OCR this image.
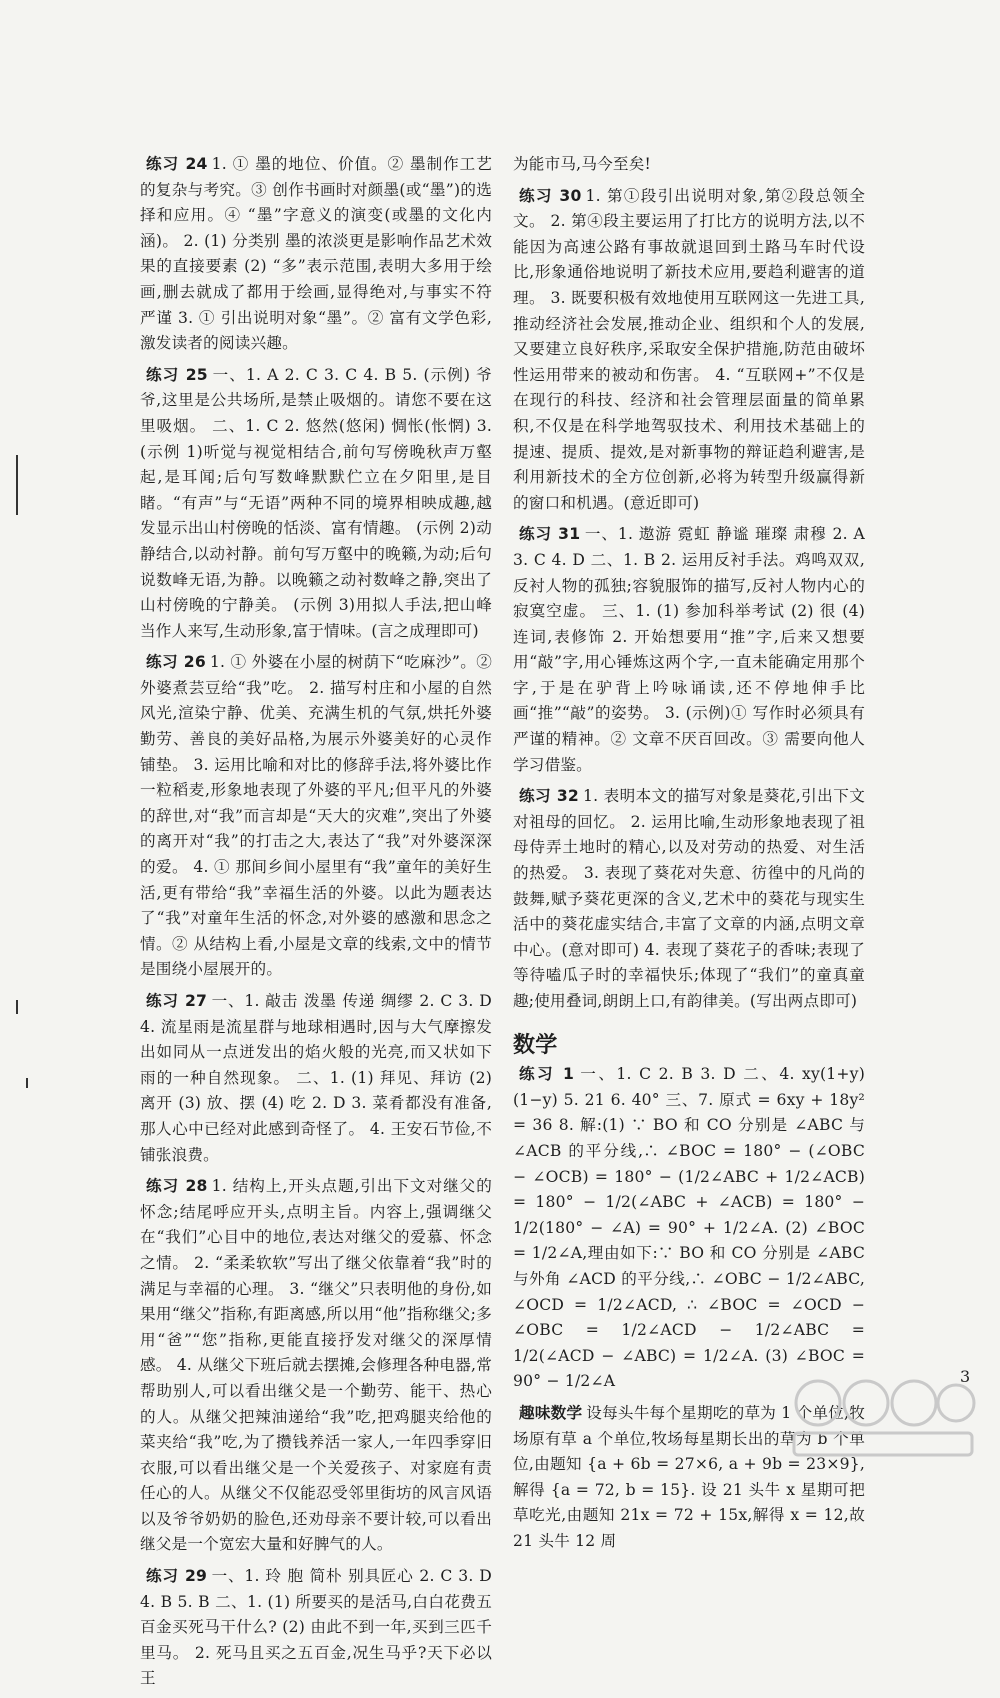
练习 24 1. ① 墨的地位、价值。② 墨制作工艺的复杂与考究。③ 创作书画时对颜墨(或“墨”)的选择和应用。④ “墨”字意义的演变(或墨的文化内涵)。 2. (1) 分类别 墨的浓淡更是影响作品艺术效果的直接要素 (2) “多”表示范围,表明大多用于绘画,删去就成了都用于绘画,显得绝对,与事实不符 严谨 3. ① 引出说明对象“墨”。② 富有文学色彩,激发读者的阅读兴趣。

练习 25 一、1. A 2. C 3. C 4. B 5. (示例) 爷爷,这里是公共场所,是禁止吸烟的。请您不要在这里吸烟。 二、1. C 2. 悠然(悠闲) 惆怅(怅惘) 3. (示例 1)听觉与视觉相结合,前句写傍晚秋声万壑起,是耳闻;后句写数峰默默伫立在夕阳里,是目睹。“有声”与“无语”两种不同的境界相映成趣,越发显示出山村傍晚的恬淡、富有情趣。 (示例 2)动静结合,以动衬静。前句写万壑中的晚籁,为动;后句说数峰无语,为静。以晚籁之动衬数峰之静,突出了山村傍晚的宁静美。 (示例 3)用拟人手法,把山峰当作人来写,生动形象,富于情味。(言之成理即可)

练习 26 1. ① 外婆在小屋的树荫下“吃麻沙”。② 外婆煮芸豆给“我”吃。 2. 描写村庄和小屋的自然风光,渲染宁静、优美、充满生机的气氛,烘托外婆勤劳、善良的美好品格,为展示外婆美好的心灵作铺垫。 3. 运用比喻和对比的修辞手法,将外婆比作一粒稻麦,形象地表现了外婆的平凡;但平凡的外婆的辞世,对“我”而言却是“天大的灾难”,突出了外婆的离开对“我”的打击之大,表达了“我”对外婆深深的爱。 4. ① 那间乡间小屋里有“我”童年的美好生活,更有带给“我”幸福生活的外婆。以此为题表达了“我”对童年生活的怀念,对外婆的感激和思念之情。② 从结构上看,小屋是文章的线索,文中的情节是围绕小屋展开的。

练习 27 一、1. 敲击 泼墨 传递 绸缪 2. C 3. D 4. 流星雨是流星群与地球相遇时,因与大气摩擦发出如同从一点迸发出的焰火般的光亮,而又状如下雨的一种自然现象。 二、1. (1) 拜见、拜访 (2) 离开 (3) 放、摆 (4) 吃 2. D 3. 菜肴都没有准备,那人心中已经对此感到奇怪了。 4. 王安石节俭,不铺张浪费。

练习 28 1. 结构上,开头点题,引出下文对继父的怀念;结尾呼应开头,点明主旨。内容上,强调继父在“我们”心目中的地位,表达对继父的爱慕、怀念之情。 2. “柔柔软软”写出了继父依靠着“我”时的满足与幸福的心理。 3. “继父”只表明他的身份,如果用“继父”指称,有距离感,所以用“他”指称继父;多用“爸”“您”指称,更能直接抒发对继父的深厚情感。 4. 从继父下班后就去摆摊,会修理各种电器,常帮助别人,可以看出继父是一个勤劳、能干、热心的人。从继父把辣油递给“我”吃,把鸡腿夹给他的菜夹给“我”吃,为了攒钱养活一家人,一年四季穿旧衣服,可以看出继父是一个关爱孩子、对家庭有责任心的人。从继父不仅能忍受邻里街坊的风言风语以及爷爷奶奶的脸色,还劝母亲不要计较,可以看出继父是一个宽宏大量和好脾气的人。

练习 29 一、1. 玲 胞 简朴 别具匠心 2. C 3. D 4. B 5. B 二、1. (1) 所要买的是活马,白白花费五百金买死马干什么? (2) 由此不到一年,买到三匹千里马。 2. 死马且买之五百金,况生马乎?天下必以王

为能市马,马今至矣!

练习 30 1. 第①段引出说明对象,第②段总领全文。 2. 第④段主要运用了打比方的说明方法,以不能因为高速公路有事故就退回到土路马车时代设比,形象通俗地说明了新技术应用,要趋利避害的道理。 3. 既要积极有效地使用互联网这一先进工具,推动经济社会发展,推动企业、组织和个人的发展,又要建立良好秩序,采取安全保护措施,防范由破坏性运用带来的被动和伤害。 4. “互联网+”不仅是在现行的科技、经济和社会管理层面量的简单累积,不仅是在科学地驾驭技术、利用技术基础上的提速、提质、提效,是对新事物的辩证趋利避害,是利用新技术的全方位创新,必将为转型升级赢得新的窗口和机遇。(意近即可)

练习 31 一、1. 遨游 霓虹 静谧 璀璨 肃穆 2. A 3. C 4. D 二、1. B 2. 运用反衬手法。鸡鸣双双,反衬人物的孤独;容貌服饰的描写,反衬人物内心的寂寞空虚。 三、1. (1) 参加科举考试 (2) 很 (4) 连词,表修饰 2. 开始想要用“推”字,后来又想要用“敲”字,用心锤炼这两个字,一直未能确定用那个字,于是在驴背上吟咏诵读,还不停地伸手比画“推”“敲”的姿势。 3. (示例)① 写作时必须具有严谨的精神。② 文章不厌百回改。③ 需要向他人学习借鉴。

练习 32 1. 表明本文的描写对象是葵花,引出下文对祖母的回忆。 2. 运用比喻,生动形象地表现了祖母侍弄土地时的精心,以及对劳动的热爱、对生活的热爱。 3. 表现了葵花对失意、彷徨中的凡尚的鼓舞,赋予葵花更深的含义,艺术中的葵花与现实生活中的葵花虚实结合,丰富了文章的内涵,点明文章中心。(意对即可) 4. 表现了葵花子的香味;表现了等待嗑瓜子时的幸福快乐;体现了“我们”的童真童趣;使用叠词,朗朗上口,有韵律美。(写出两点即可)

数学

练习 1 一、1. C 2. B 3. D 二、4. xy(1+y)(1−y) 5. 21 6. 40° 三、7. 原式 = 6xy + 18y² = 36 8. 解:(1) ∵ BO 和 CO 分别是 ∠ABC 与 ∠ACB 的平分线,∴ ∠BOC = 180° − (∠OBC − ∠OCB) = 180° − (1/2∠ABC + 1/2∠ACB) = 180° − 1/2(∠ABC + ∠ACB) = 180° − 1/2(180° − ∠A) = 90° + 1/2∠A. (2) ∠BOC = 1/2∠A,理由如下:∵ BO 和 CO 分别是 ∠ABC 与外角 ∠ACD 的平分线,∴ ∠OBC − 1/2∠ABC, ∠OCD = 1/2∠ACD, ∴ ∠BOC = ∠OCD − ∠OBC = 1/2∠ACD − 1/2∠ABC = 1/2(∠ACD − ∠ABC) = 1/2∠A. (3) ∠BOC = 90° − 1/2∠A

趣味数学 设每头牛每个星期吃的草为 1 个单位,牧场原有草 a 个单位,牧场每星期长出的草为 b 个单位,由题知 {a + 6b = 27×6, a + 9b = 23×9},解得 {a = 72, b = 15}. 设 21 头牛 x 星期可把草吃光,由题知 21x = 72 + 15x,解得 x = 12,故 21 头牛 12 周

3
